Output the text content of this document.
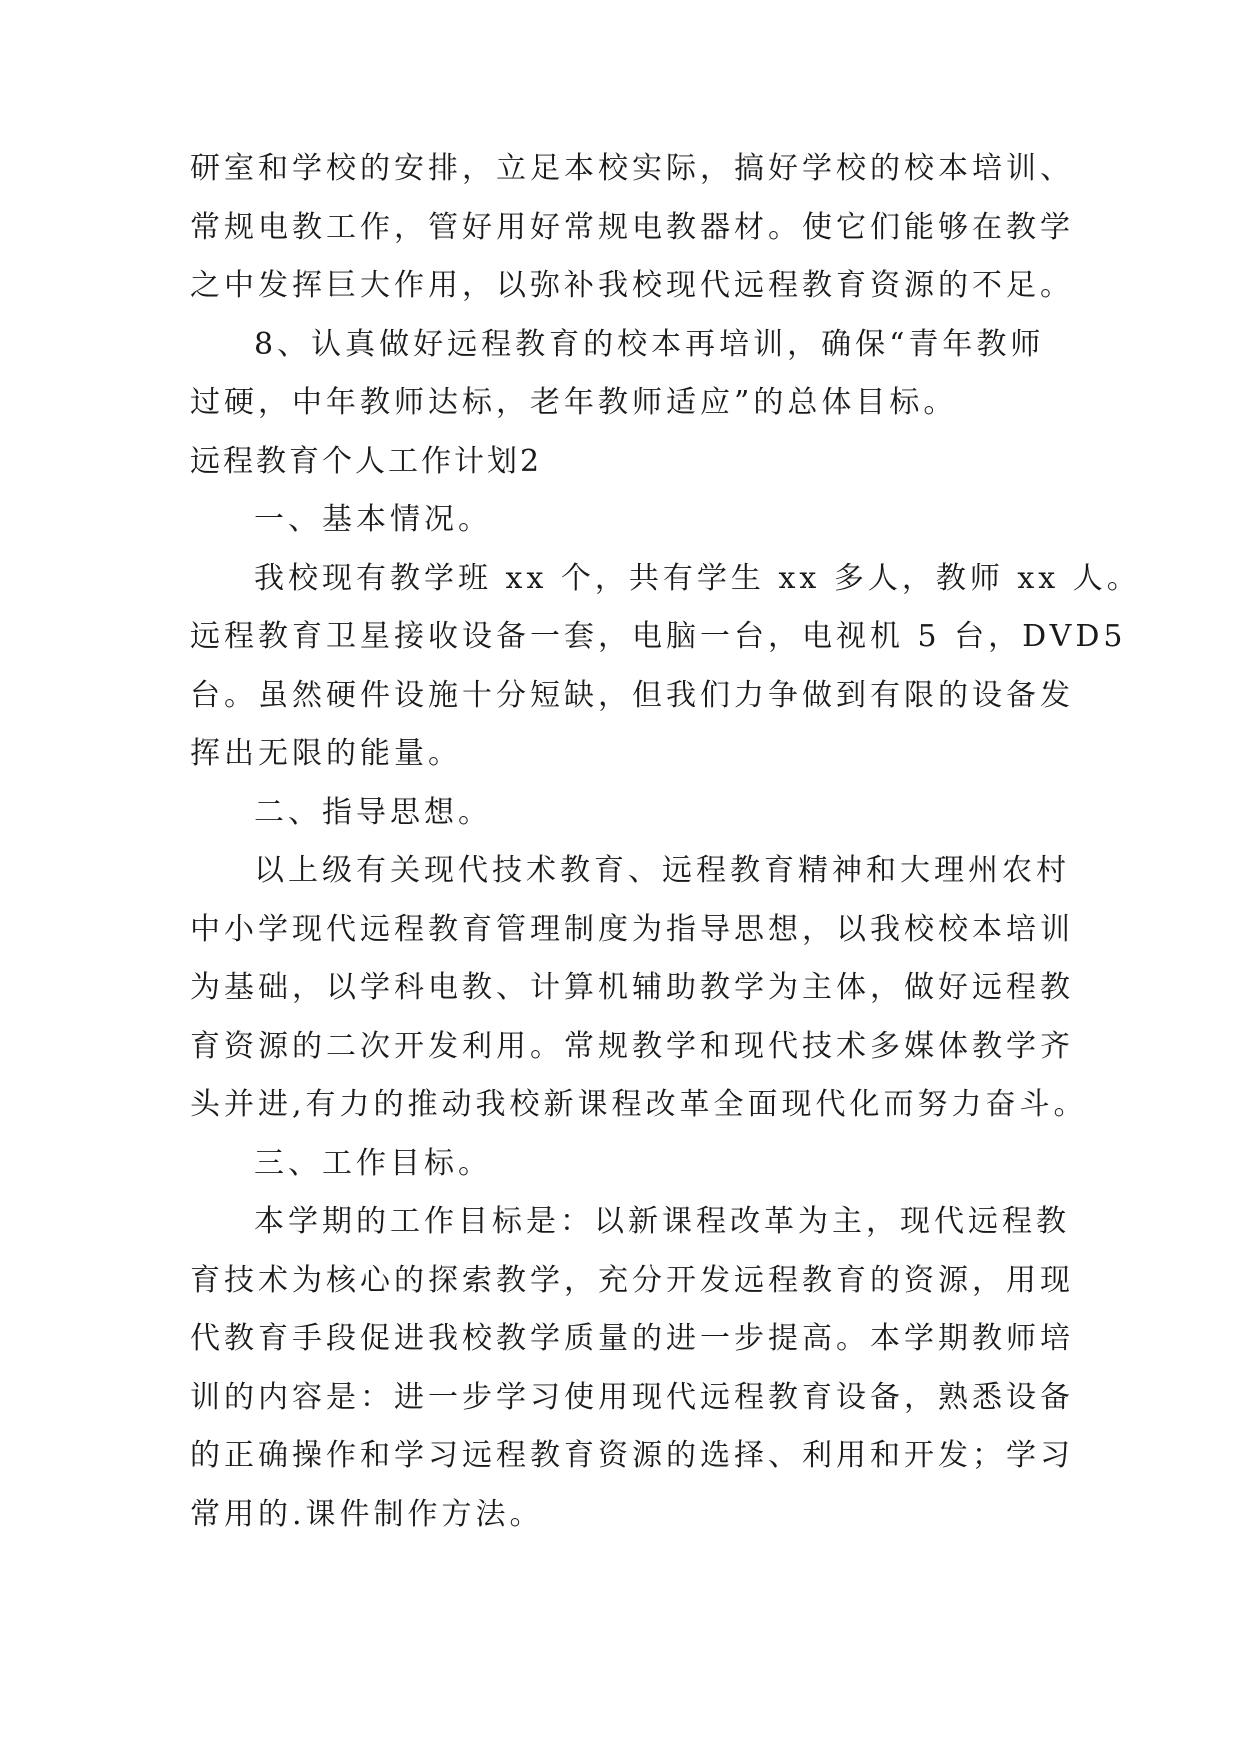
研室和学校的安排，立足本校实际，搞好学校的校本培训、
常规电教工作，管好用好常规电教器材。使它们能够在教学
之中发挥巨大作用，以弥补我校现代远程教育资源的不足。
8、认真做好远程教育的校本再培训，确保“青年教师
过硬，中年教师达标，老年教师适应”的总体目标。
远程教育个人工作计划2
一、基本情况。
我校现有教学班 xx 个，共有学生 xx 多人，教师 xx 人。
远程教育卫星接收设备一套，电脑一台，电视机 5 台，DVD5
台。虽然硬件设施十分短缺，但我们力争做到有限的设备发
挥出无限的能量。
二、指导思想。
以上级有关现代技术教育、远程教育精神和大理州农村
中小学现代远程教育管理制度为指导思想，以我校校本培训
为基础，以学科电教、计算机辅助教学为主体，做好远程教
育资源的二次开发利用。常规教学和现代技术多媒体教学齐
头并进,有力的推动我校新课程改革全面现代化而努力奋斗。
三、工作目标。
本学期的工作目标是：以新课程改革为主，现代远程教
育技术为核心的探索教学，充分开发远程教育的资源，用现
代教育手段促进我校教学质量的进一步提高。本学期教师培
训的内容是：进一步学习使用现代远程教育设备，熟悉设备
的正确操作和学习远程教育资源的选择、利用和开发；学习
常用的.课件制作方法。
